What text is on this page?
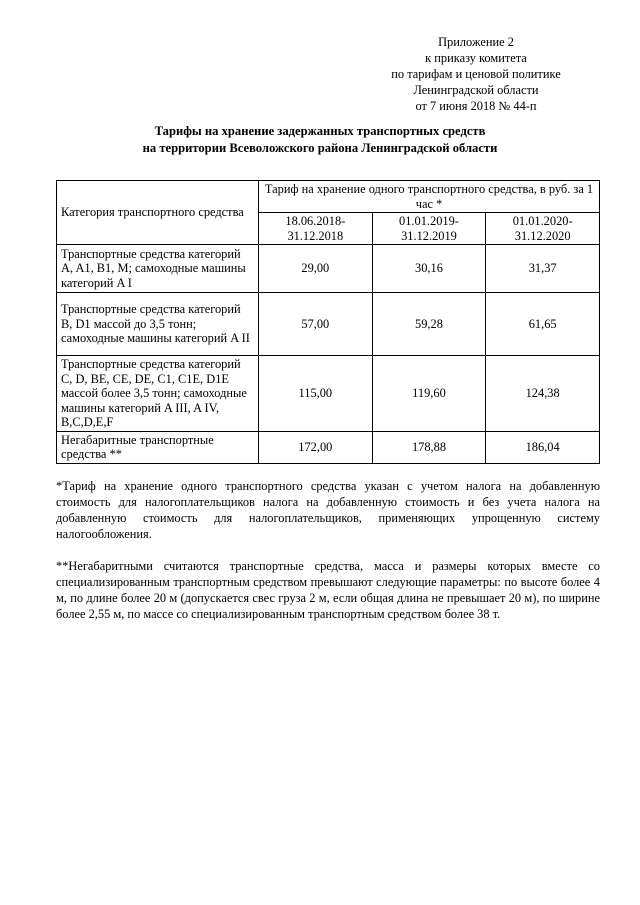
Приложение 2
к приказу комитета
по тарифам и ценовой политике
Ленинградской области
от 7 июня 2018 № 44-п
Тарифы на хранение задержанных транспортных средств
на территории Всеволожского района Ленинградской области
Категория транспортного средства	Тариф на хранение одного транспортного средства, в руб. за 1 час *		
	18.06.2018-31.12.2018	01.01.2019-31.12.2019	01.01.2020-31.12.2020
Транспортные средства категорий A, A1, B1, M; самоходные машины категорий A I	29,00	30,16	31,37
Транспортные средства категорий B, D1 массой до 3,5 тонн; самоходные машины категорий A II	57,00	59,28	61,65
Транспортные средства категорий C, D, BE, CE, DE, C1, C1E, D1E массой более 3,5 тонн; самоходные машины категорий A III, A IV, B,C,D,E,F	115,00	119,60	124,38
Негабаритные транспортные средства **	172,00	178,88	186,04

*Тариф на хранение одного транспортного средства указан с учетом налога на добавленную стоимость для налогоплательщиков налога на добавленную стоимость и без учета налога на добавленную стоимость для налогоплательщиков, применяющих упрощенную систему налогообложения.

**Негабаритными считаются транспортные средства, масса и размеры которых вместе со специализированным транспортным средством превышают следующие параметры: по высоте более 4 м, по длине более 20 м (допускается свес груза 2 м, если общая длина не превышает 20 м), по ширине более 2,55 м, по массе со специализированным транспортным средством более 38 т.
